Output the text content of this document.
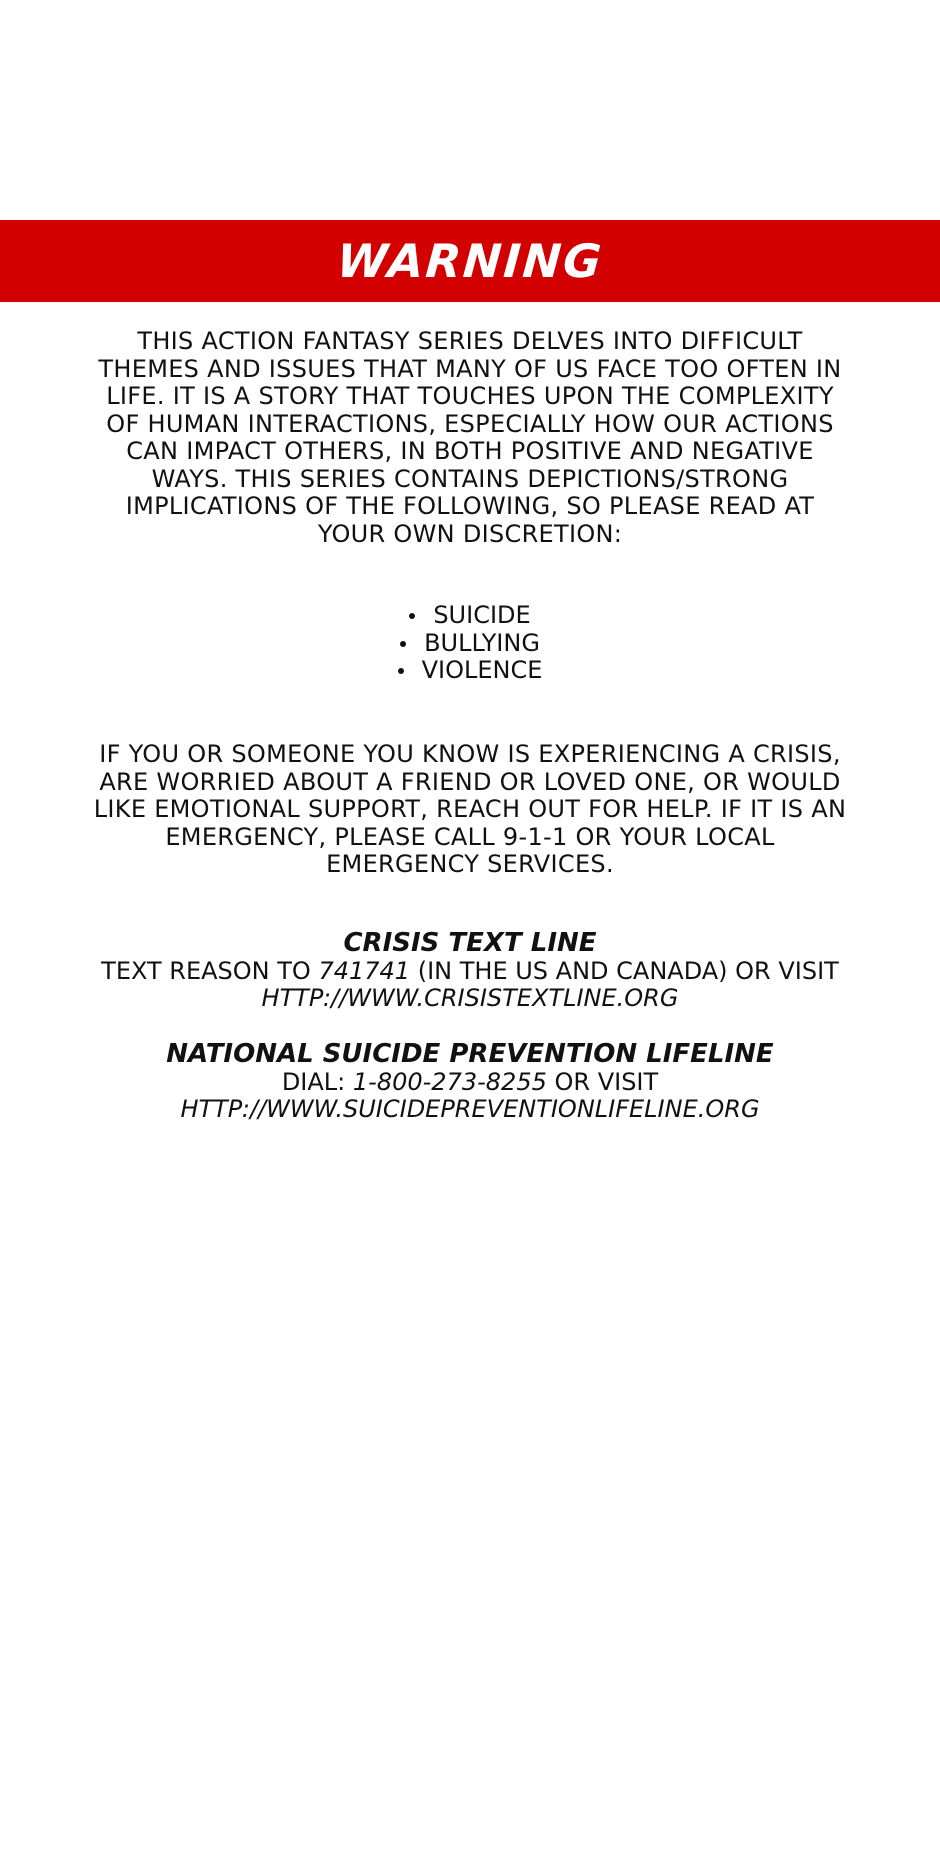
WARNING
THIS ACTION FANTASY SERIES DELVES INTO DIFFICULT THEMES AND ISSUES THAT MANY OF US FACE TOO OFTEN IN LIFE. IT IS A STORY THAT TOUCHES UPON THE COMPLEXITY OF HUMAN INTERACTIONS, ESPECIALLY HOW OUR ACTIONS CAN IMPACT OTHERS, IN BOTH POSITIVE AND NEGATIVE WAYS. THIS SERIES CONTAINS DEPICTIONS/STRONG IMPLICATIONS OF THE FOLLOWING, SO PLEASE READ AT YOUR OWN DISCRETION:
SUICIDE
BULLYING
VIOLENCE
IF YOU OR SOMEONE YOU KNOW IS EXPERIENCING A CRISIS, ARE WORRIED ABOUT A FRIEND OR LOVED ONE, OR WOULD LIKE EMOTIONAL SUPPORT, REACH OUT FOR HELP. IF IT IS AN EMERGENCY, PLEASE CALL 9-1-1 OR YOUR LOCAL EMERGENCY SERVICES.
CRISIS TEXT LINE
TEXT REASON TO 741741 (IN THE US AND CANADA) OR VISIT HTTP://WWW.CRISISTEXTLINE.ORG
NATIONAL SUICIDE PREVENTION LIFELINE
DIAL: 1-800-273-8255 OR VISIT
HTTP://WWW.SUICIDEPREVENTIONLIFELINE.ORG
